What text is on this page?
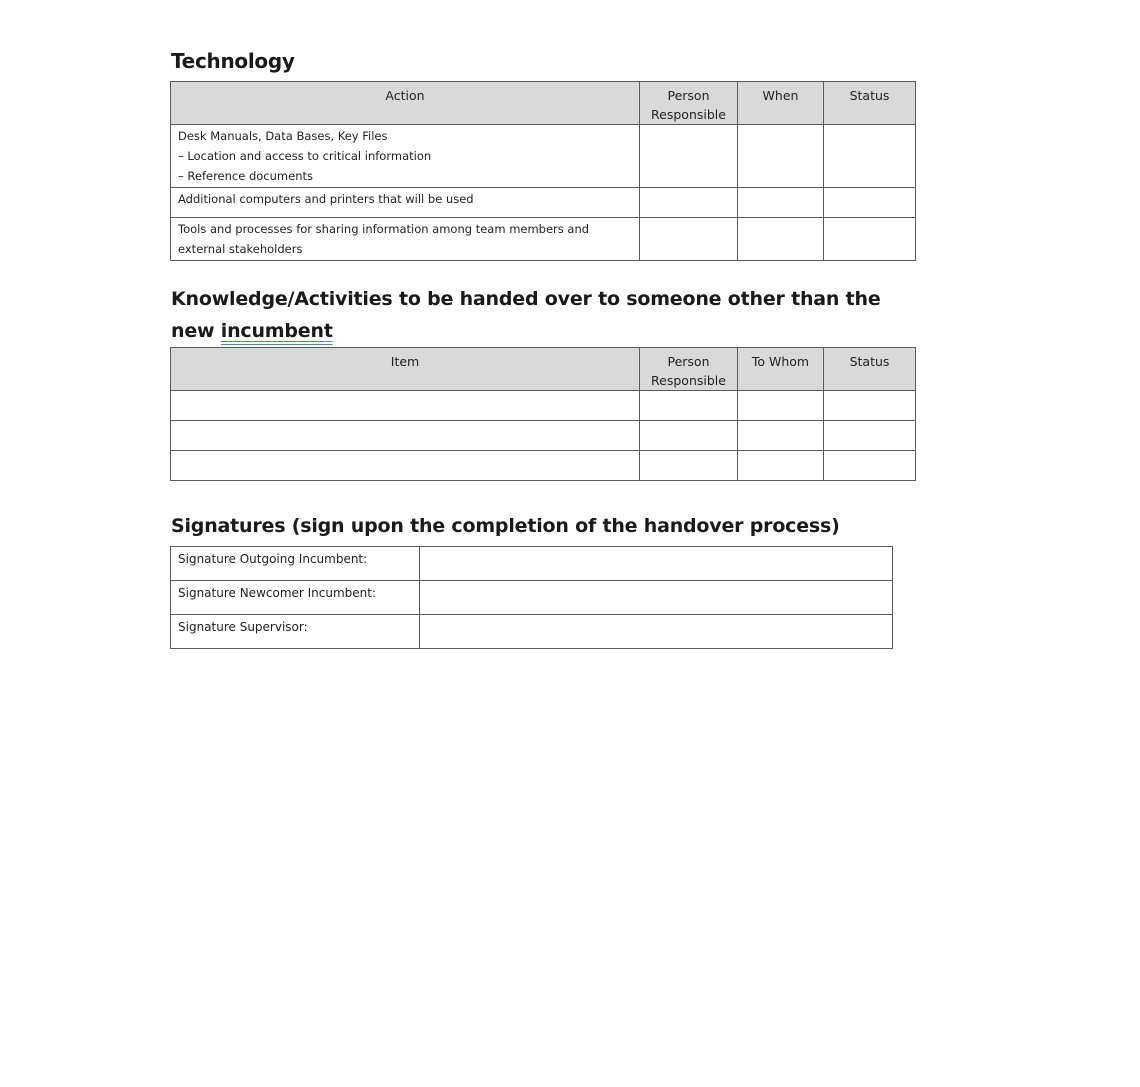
Technology
Action	Person
Responsible	When	Status

Desk Manuals, Data Bases, Key Files
– Location and access to critical information
– Reference documents			

Additional computers and printers that will be used			

Tools and processes for sharing information among team members and
external stakeholders			

Knowledge/Activities to be handed over to someone other than the
new incumbent
Item	Person
Responsible	To Whom	Status

Signatures (sign upon the completion of the handover process)
Signature Outgoing Incumbent:	
Signature Newcomer Incumbent:	
Signature Supervisor:	
